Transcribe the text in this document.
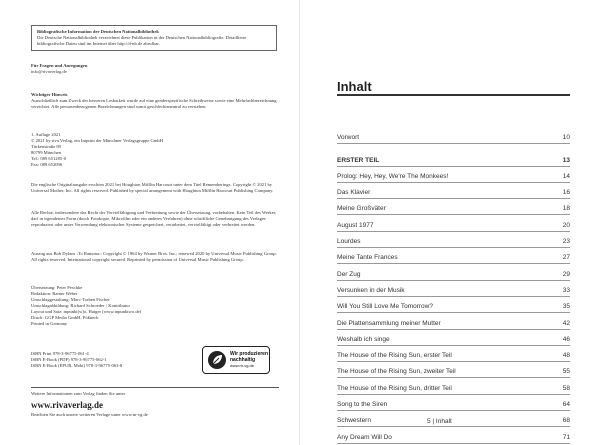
Bibliografische Information der Deutschen Nationalbibliothek
Die Deutsche Nationalbibliothek verzeichnet diese Publikation in der Deutschen Nationalbibliografie. Detaillierte bibliografische Daten sind im Internet über http://d-nb.de abrufbar.
Für Fragen und Anregungen
info@rivaverlag.de
Wichtiger Hinweis
Ausschließlich zum Zweck der besseren Lesbarkeit wurde auf eine genderspezifische Schreibweise sowie eine Mehrfachbezeichnung verzichtet. Alle personenbezogenen Bezeichnungen sind somit geschlechtsneutral zu verstehen.
1. Auflage 2021
© 2021 by riva Verlag, ein Imprint der Münchner Verlagsgruppe GmbH
Türkenstraße 89
80799 München
Tel.: 089 651285-0
Fax: 089 652096
Die englische Originalausgabe erschien 2021 bei Houghton Mifflin Harcourt unter dem Titel Rememberings. Copyright © 2021 by Universal Mother, Inc. All rights reserved. Published by special arrangement with Houghton Mifflin Harcourt Publishing Company.
Alle Rechte, insbesondere das Recht der Vervielfältigung und Verbreitung sowie der Übersetzung, vorbehalten. Kein Teil des Werkes darf in irgendeiner Form (durch Fotokopie, Mikrofilm oder ein anderes Verfahren) ohne schriftliche Genehmigung des Verlages reproduziert oder unter Verwendung elektronischer Systeme gespeichert, verarbeitet, vervielfältigt oder verbreitet werden.
Auszug aus Bob Dylans ›To Ramona‹: Copyright © 1964 by Warner Bros. Inc.; renewed 2020 by Universal Music Publishing Group. All rights reserved. International copyright secured. Reprinted by permission of Universal Music Publishing Group.
Übersetzung: Peter Peschke
Redaktion: Rainer Weber
Umschlaggestaltung: Marc-Torben Fischer
Umschlagabbildung: Richard Schroeder / Kontributor
Layout und Satz: inpunkt[w]o, Haiger (www.inpunktwo.de)
Druck: GGP Media GmbH, Pößneck
Printed in Germany
ISBN Print 978-3-96775-061-4
ISBN E-Book (PDF) 978-3-96775-062-1
ISBN E-Book (EPUB, Mobi) 978-3-96775-063-8
Wir produzieren
nachhaltig
www.m-vg.de
Weitere Informationen zum Verlag finden Sie unter
www.rivaverlag.de
Beachten Sie auch unsere weiteren Verlage unter www.m-vg.de
Inhalt
Vorwort	10
ERSTER TEIL	13
Prolog: Hey, Hey, We're The Monkees!	14
Das Klavier	16
Meine Großväter	18
August 1977	20
Lourdes	23
Meine Tante Frances	27
Der Zug	29
Versunken in der Musik	33
Will You Still Love Me Tomorrow?	35
Die Plattensammlung meiner Mutter	42
Weshalb ich singe	46
The House of the Rising Sun, erster Teil	48
The House of the Rising Sun, zweiter Teil	55
The House of the Rising Sun, dritter Teil	58
Song to the Siren	64
Schwestern	68
Any Dream Will Do	71
5 | Inhalt
